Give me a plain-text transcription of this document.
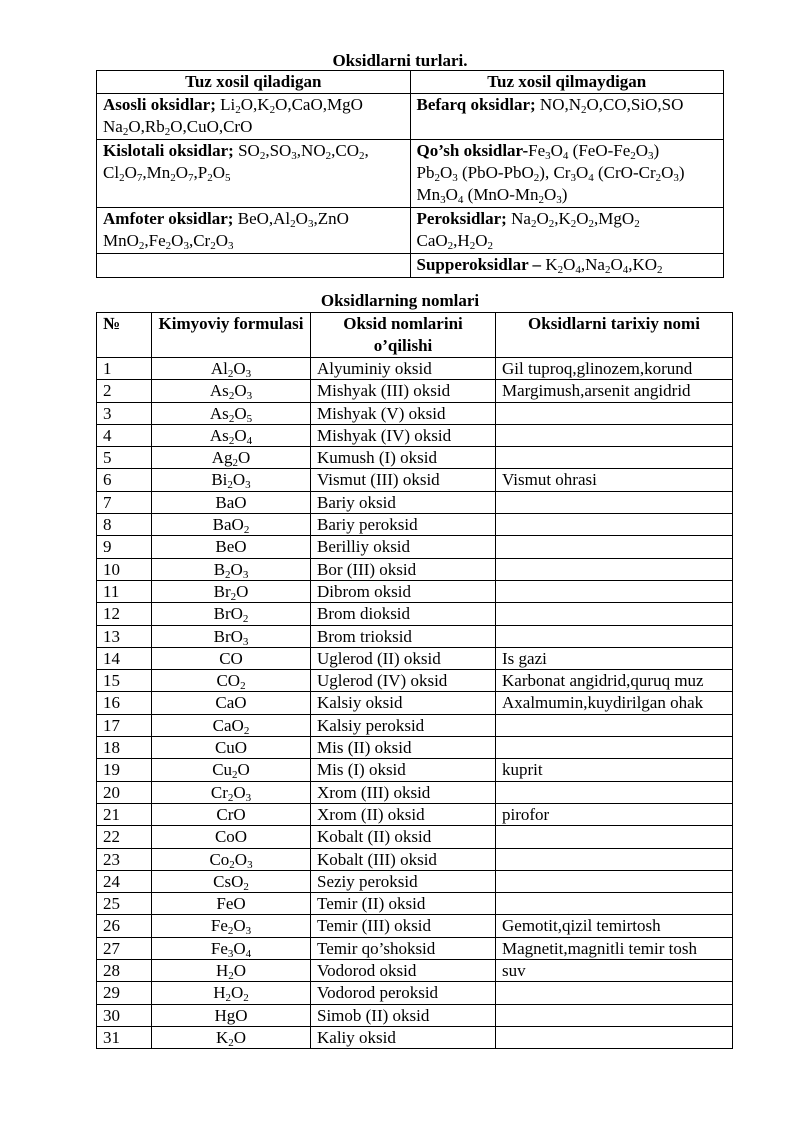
Oksidlarni turlari.
Tuz xosil qiladigan	Tuz xosil qilmaydigan
Asosli oksidlar; $Li_2O,K_2O,CaO,MgO$ $Na_2O,Rb_2O,CuO,CrO$	Befarq oksidlar; $NO,N_2O,CO,SiO,SO$
Kislotali oksidlar; $SO_2,SO_3,NO_2,CO_2$, $Cl_2O_7,Mn_2O_7,P_2O_5$	Qo’sh oksidlar-$Fe_3O_4$ $(FeO-Fe_2O_3)$
$Pb_2O_3$ (PbO-PbO$_2$), $Cr_3O_4$ $(CrO-Cr_2O_3)$
$Mn_3O_4$ $(MnO-Mn_2O_3)$
Amfoter oksidlar; $BeO,Al_2O_3,ZnO$ $MnO_2,Fe_2O_3,Cr_2O_3$	Peroksidlar; $Na_2O_2,K_2O_2,MgO_2$
$CaO_2,H_2O_2$
	Supperoksidlar – $K_2O_4,Na_2O_4,KO_2$
Oksidlarning nomlari
№	Kimyoviy formulasi	Oksid nomlarini o’qilishi	Oksidlarni tarixiy nomi
1	$Al_2O_3$	Alyuminiy oksid	Gil tuproq,glinozem,korund
2	$As_2O_3$	Mishyak (III) oksid	Margimush,arsenit angidrid
3	$As_2O_5$	Mishyak (V) oksid	
4	$As_2O_4$	Mishyak (IV) oksid	
5	$Ag_2O$	Kumush (I) oksid	
6	$Bi_2O_3$	Vismut (III) oksid	Vismut ohrasi
7	BaO	Bariy oksid	
8	BaO$_2$	Bariy peroksid	
9	BeO	Berilliy oksid	
10	$B_2O_3$	Bor (III) oksid	
11	$Br_2O$	Dibrom oksid	
12	BrO$_2$	Brom dioksid	
13	BrO$_3$	Brom trioksid	
14	CO	Uglerod (II) oksid	Is gazi
15	$CO_2$	Uglerod (IV) oksid	Karbonat angidrid,quruq muz
16	CaO	Kalsiy oksid	Axalmumin,kuydirilgan ohak
17	CaO$_2$	Kalsiy peroksid	
18	CuO	Mis (II) oksid	
19	$Cu_2O$	Mis (I) oksid	kuprit
20	$Cr_2O_3$	Xrom (III) oksid	
21	CrO	Xrom (II) oksid	pirofor
22	CoO	Kobalt (II) oksid	
23	$Co_2O_3$	Kobalt (III) oksid	
24	CsO$_2$	Seziy peroksid	
25	FeO	Temir (II) oksid	
26	$Fe_2O_3$	Temir (III) oksid	Gemotit,qizil temirtosh
27	$Fe_3O_4$	Temir qo’shoksid	Magnetit,magnitli temir tosh
28	$H_2O$	Vodorod oksid	suv
29	$H_2O_2$	Vodorod peroksid	
30	HgO	Simob (II) oksid	
31	$K_2O$	Kaliy oksid	
